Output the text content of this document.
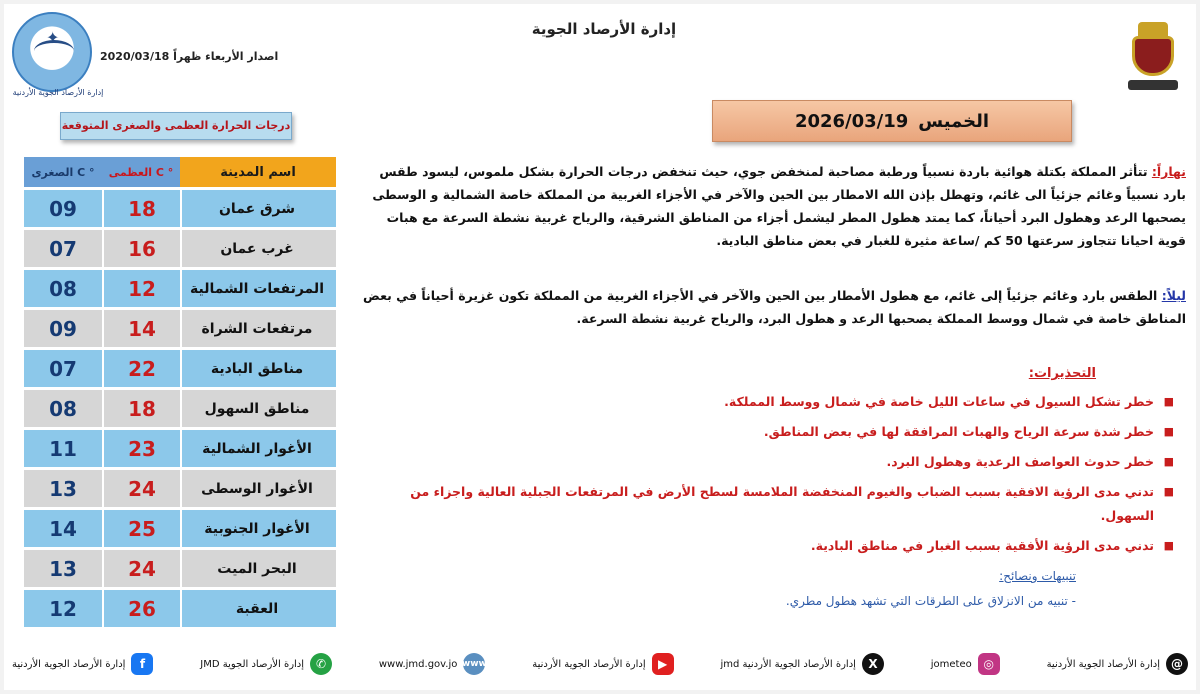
✦
إدارة الأرصاد الجوية الأردنية
اصدار الأربعاء ظهراً 2020/03/18
إدارة الأرصاد الجوية
الخميس
2026/03/19
درجات الحرارة العظمى والصغرى المتوقعة
الصغرى C °	العظمى C °	اسم المدينة
09	18	شرق عمان
07	16	غرب عمان
08	12	المرتفعات الشمالية
09	14	مرتفعات الشراة
07	22	مناطق البادية
08	18	مناطق السهول
11	23	الأغوار الشمالية
13	24	الأغوار الوسطى
14	25	الأغوار الجنوبية
13	24	البحر الميت
12	26	العقبة
نهاراً: تتأثر المملكة بكتلة هوائية باردة نسبياً ورطبة مصاحبة لمنخفض جوي، حيث تنخفض درجات الحرارة بشكل ملموس، ليسود طقس بارد نسبياً وغائم جزئياً الى غائم، وتهطل بإذن الله الامطار بين الحين والآخر في الأجزاء الغربية من المملكة خاصة الشمالية و الوسطى يصحبها الرعد وهطول البرد أحياناً، كما يمتد هطول المطر ليشمل أجزاء من المناطق الشرقية، والرياح غربية نشطة السرعة مع هبات قوية احيانا تتجاوز سرعتها 50 كم /ساعة مثيرة للغبار في بعض مناطق البادية.
ليلاً: الطقس بارد وغائم جزئياً إلى غائم، مع هطول الأمطار بين الحين والآخر في الأجزاء الغربية من المملكة تكون غزيرة أحياناً في بعض المناطق خاصة في شمال ووسط المملكة يصحبها الرعد و هطول البرد، والرياح غربية نشطة السرعة.
التحذيرات:
■
خطر تشكل السيول في ساعات الليل خاصة في شمال ووسط المملكة.
■
خطر شدة سرعة الرياح والهبات المرافقة لها في بعض المناطق.
■
خطر حدوث العواصف الرعدية وهطول البرد.
■
تدني مدى الرؤية الافقية بسبب الضباب والغيوم المنخفضة الملامسة لسطح الأرض في المرتفعات الجبلية العالية واجزاء من السهول.
■
تدني مدى الرؤية الأفقية بسبب الغبار في مناطق البادية.
تنبيهات ونصائح:
- تنبيه من الانزلاق على الطرقات التي تشهد هطول مطري.
f
إدارة الأرصاد الجوية الأردنية	✆
إدارة الأرصاد الجوية JMD	www
www.jmd.gov.jo	▶
إدارة الأرصاد الجوية الأردنية	X
إدارة الأرصاد الجوية الأردنية jmd	◎
jometeo	@
إدارة الأرصاد الجوية الأردنية
